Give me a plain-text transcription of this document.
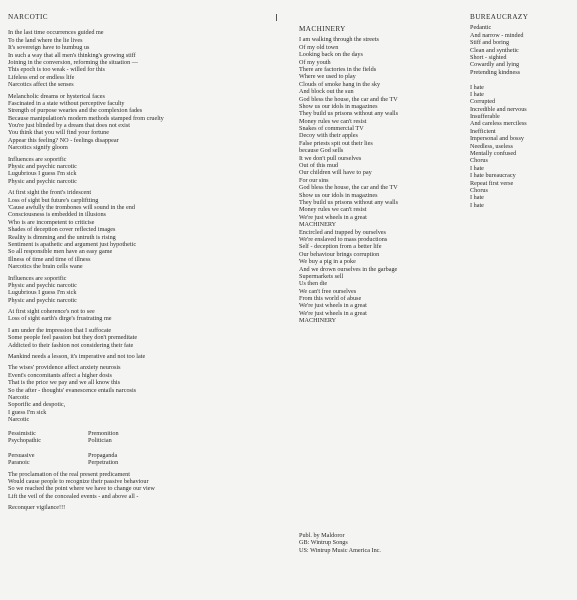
NARCOTIC
In the last time occurrences guided me
To the land where the lie lives
It's sovereign have to humbug us
In such a way that all men's thinking's growing stiff
Joining in the conversion, reforming the situation —
This epoch is too weak - willed for this
Lifeless end or endless life
Narcotics affect the senses
Melancholic dreams or hysterical faces
Fascinated in a state without perceptive faculty
Strength of purpose wearies and the complexion fades
Because manipulation's modern methods stamped from cruelty
You're just blinded by a dream that does not exist
You think that you will find your fortune
Appear this feeling? NO - feelings disappear
Narcotics signify gloom
Influences are soporific
Physic and psychic narcotic
Lugubrious I guess I'm sick
Physic and psychic narcotic
At first sight the front's iridescent
Loss of sight but future's carpliftting
'Cause awfully the trombones will sound in the end
Consciousness is embedded in illusions
Who is are incompetent to criticise
Shades of deception cover reflected images
Reality is dimming and the untruth is rising
Sentiment is apathetic and argument just hypothetic
So all responsible men have an easy game
Illness of time and time of illness
Narcotics the brain cells wane
Influences are soporific
Physic and psychic narcotic
Lugubrious I guess I'm sick
Physic and psychic narcotic
At first sight coherence's not to see
Loss of sight earth's dirge's frustrating me
I am under the impression that I suffocate
Some people feel passion but they don't premeditate
Addicted to their fashion not considering their fate
Mankind needs a lesson, it's imperative and not too late
The wises' providence affect anxiety neurosis
Event's concomitants affect a higher dosis
That is the price we pay and we all know this
So the after - thoughts' evanescence entails narcosis
Narcotic
Soporific and despotic,
I guess I'm sick
Narcotic
Pessimistic
Psychopathic
Persuasive
Paranoic
Premonition
Politician
Propaganda
Perpetration
The proclamation of the real present predicament
Would cause people to recognize their passive behaviour
So we reached the point where we have to change our view
Lift the veil of the concealed events - and above all -
Reconquer vigilance!!!
MACHINERY
I am walking through the streets
Of my old town
Looking back on the days
Of my youth
There are factories in the fields
Where we used to play
Clouds of smoke hang in the sky
And block out the sun
God bless the house, the car and the TV
Show us our idols in magazines
They build us prisons without any walls
Money rules we can't resist
Snakes of commercial TV
Decoy with their apples
False priests spit out their lies
because God sells
It we don't pull ourselves
Out of this mud
Our children will have to pay
For our sins
God bless the house, the car and the TV
Show us our idols in magazines
They build us prisons without any walls
Money rules we can't resist
We're just wheels in a great
MACHINERY
Encircled and trapped by ourselves
We're enslaved to mass productions
Self - deception from a better life
Our behaviour brings corruption
We buy a pig in a poke
And we drown ourselves in the garbage
Supermarkets sell
Us then die
We can't free ourselves
From this world of abuse
We're just wheels in a great
We're just wheels in a great
MACHINERY
BUREAUCRAZY
Pedantic
And narrow - minded
Stiff and boring
Clean and synthetic
Short - sighted
Cowardly and lying
Pretending kindness
I hate
I hate
Corrupted
Incredible and nervous
Insufferable
And careless merciless
Inefficient
Impersonal and bossy
Needless, useless
Mentally confused
Chorus
I hate
I hate bureaucracy
Repeat first verse
Chorus
I hate
I hate
Publ. by Maldoror
GB: Wintrup Songs
US: Wintrup Music America Inc.
